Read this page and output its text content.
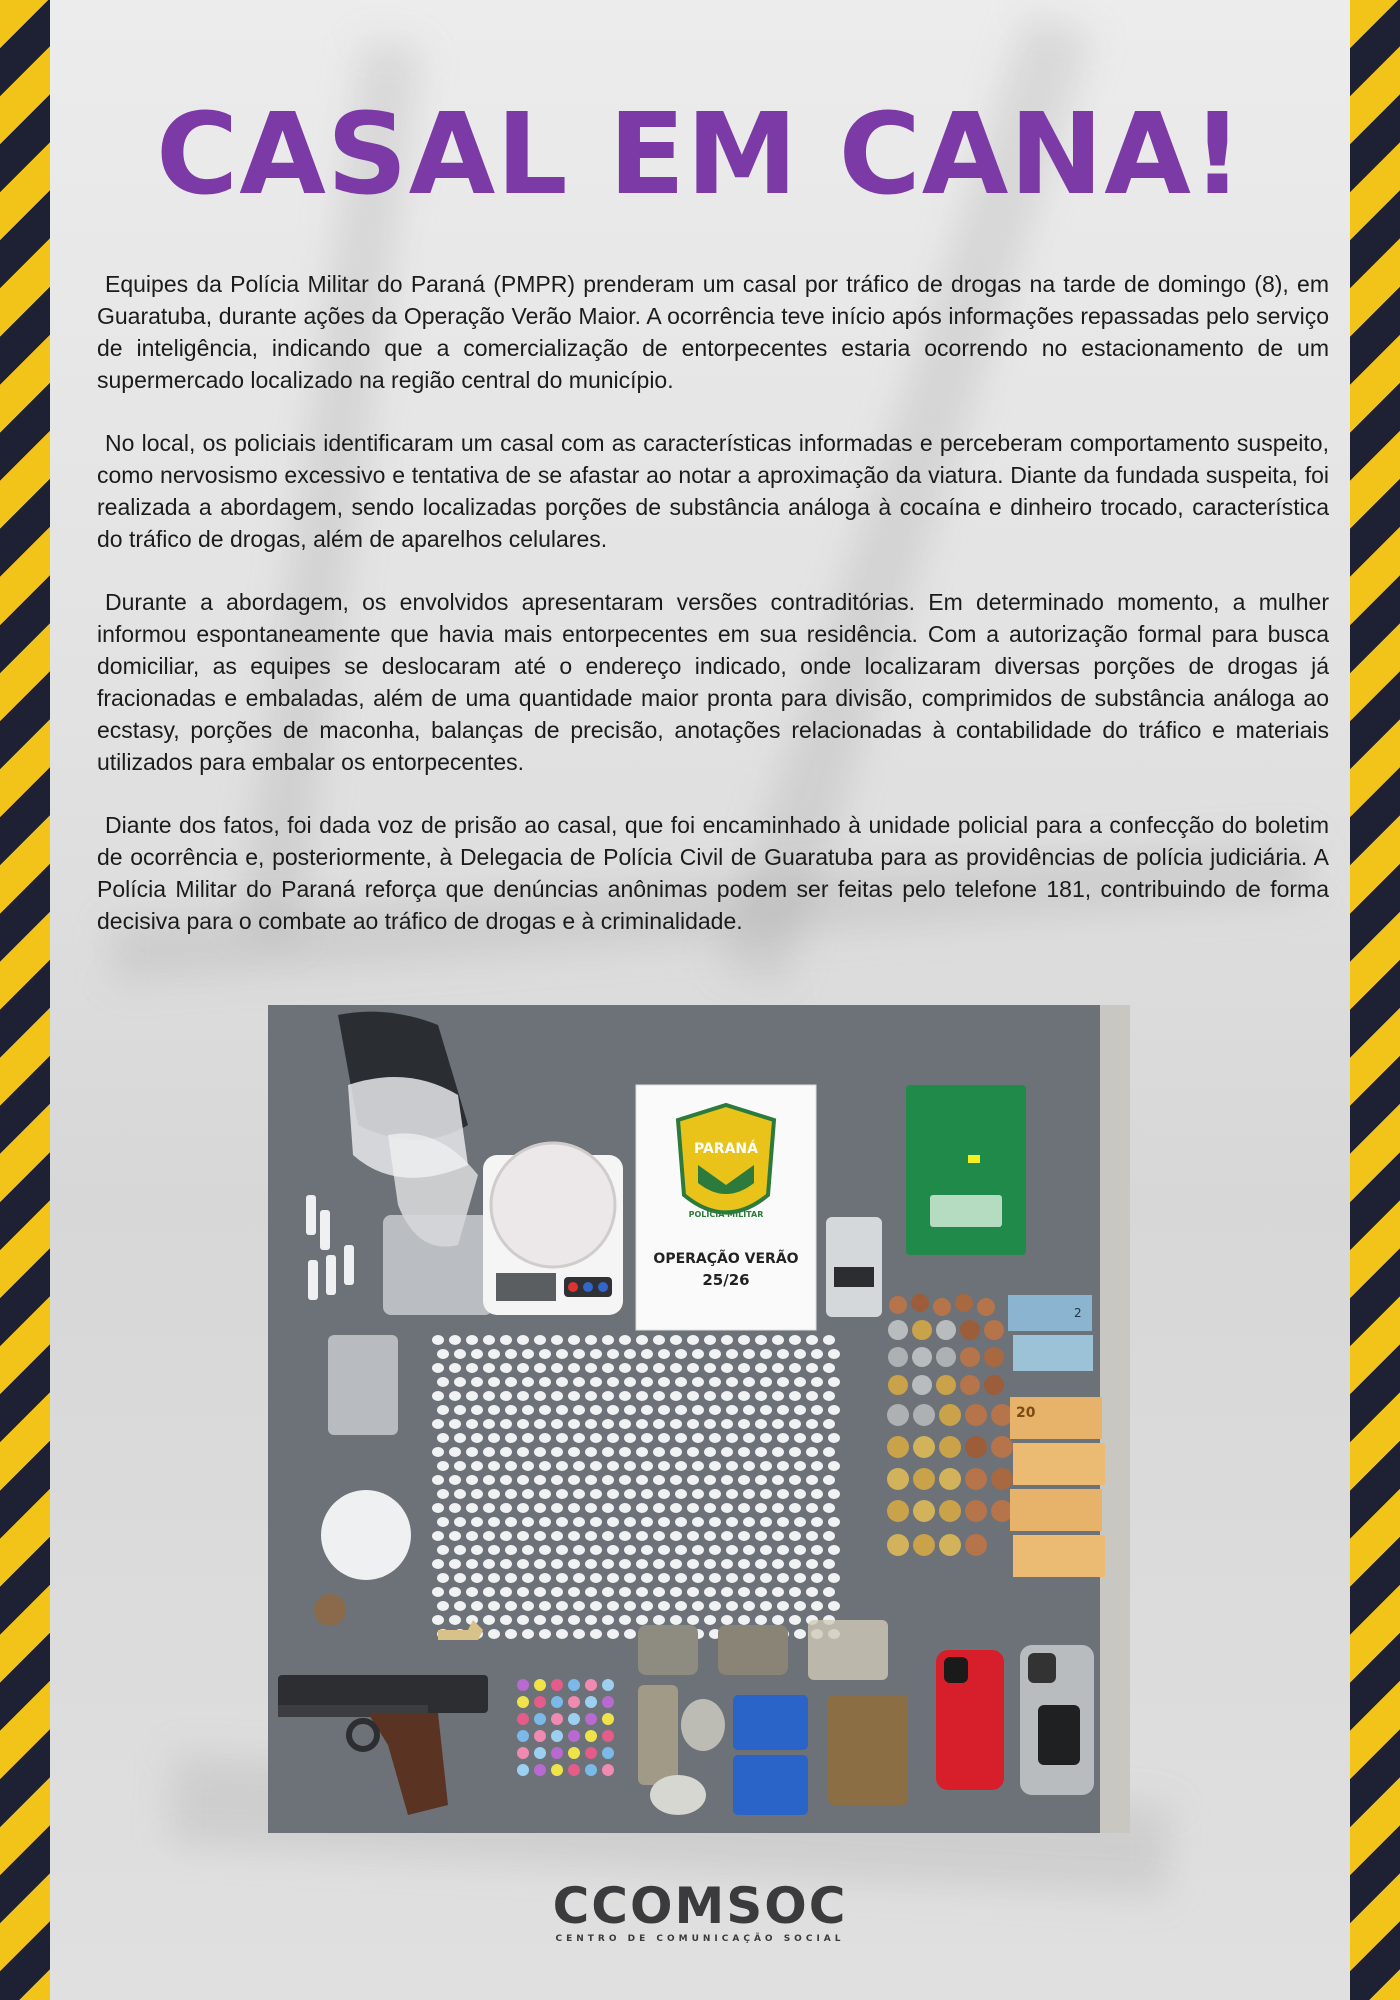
CASAL EM CANA!

Equipes da Polícia Militar do Paraná (PMPR) prenderam um casal por tráfico de drogas na tarde de domingo (8), em Guaratuba, durante ações da Operação Verão Maior. A ocorrência teve início após informações repassadas pelo serviço de inteligência, indicando que a comercialização de entorpecentes estaria ocorrendo no estacionamento de um supermercado localizado na região central do município.

No local, os policiais identificaram um casal com as características informadas e perceberam comportamento suspeito, como nervosismo excessivo e tentativa de se afastar ao notar a aproximação da viatura. Diante da fundada suspeita, foi realizada a abordagem, sendo localizadas porções de substância análoga à cocaína e dinheiro trocado, característica do tráfico de drogas, além de aparelhos celulares.

Durante a abordagem, os envolvidos apresentaram versões contraditórias. Em determinado momento, a mulher informou espontaneamente que havia mais entorpecentes em sua residência. Com a autorização formal para busca domiciliar, as equipes se deslocaram até o endereço indicado, onde localizaram diversas porções de drogas já fracionadas e embaladas, além de uma quantidade maior pronta para divisão, comprimidos de substância análoga ao ecstasy, porções de maconha, balanças de precisão, anotações relacionadas à contabilidade do tráfico e materiais utilizados para embalar os entorpecentes.

Diante dos fatos, foi dada voz de prisão ao casal, que foi encaminhado à unidade policial para a confecção do boletim de ocorrência e, posteriormente, à Delegacia de Polícia Civil de Guaratuba para as providências de polícia judiciária. A Polícia Militar do Paraná reforça que denúncias anônimas podem ser feitas pelo telefone 181, contribuindo de forma decisiva para o combate ao tráfico de drogas e à criminalidade.

PARANÁ
POLÍCIA MILITAR
OPERAÇÃO VERÃO
25/26
2
20
CCOMSOC
CENTRO DE COMUNICAÇÃO SOCIAL
